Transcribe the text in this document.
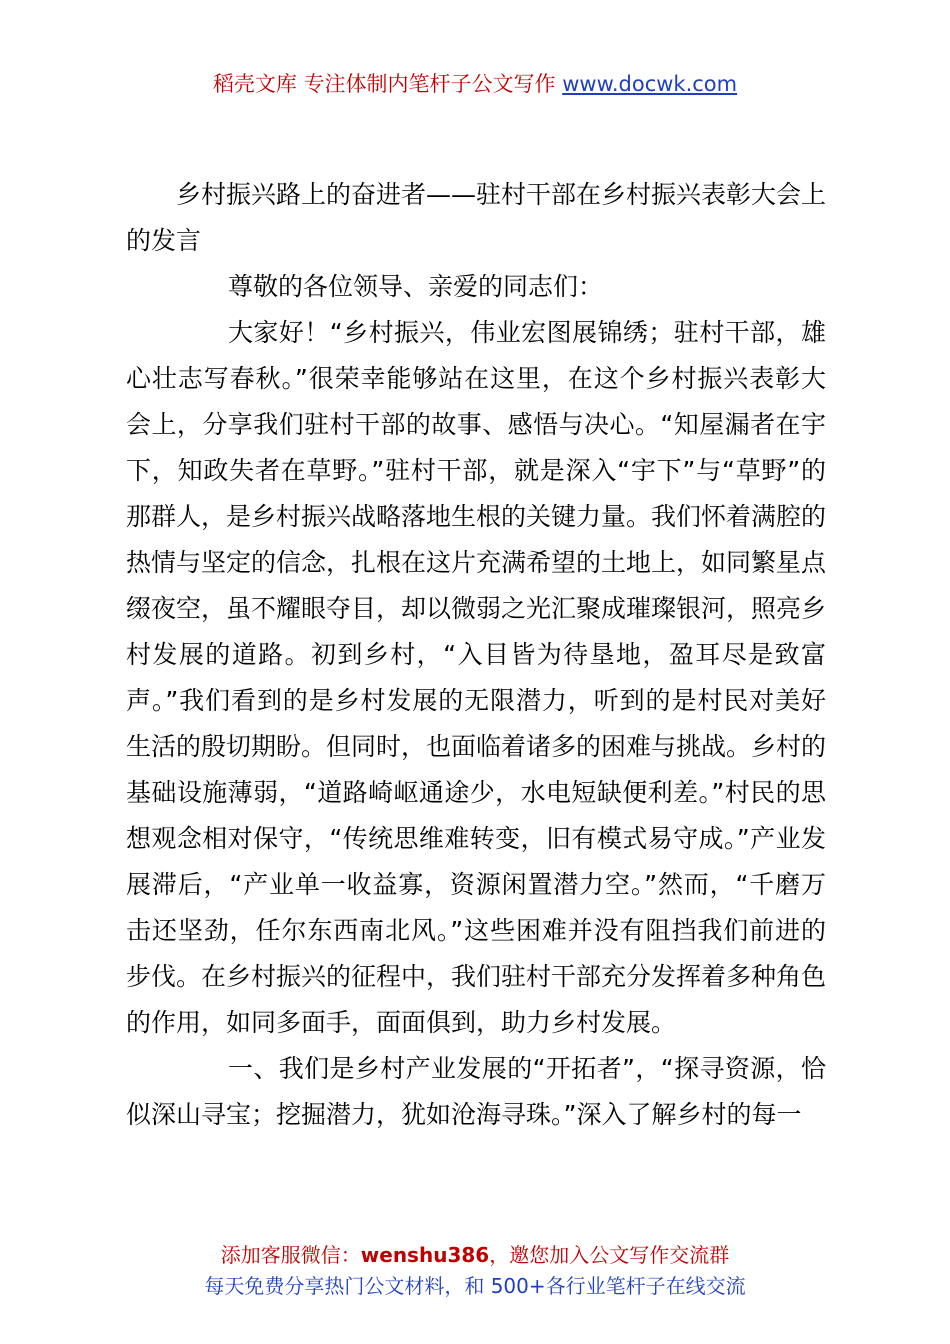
稻壳文库 专注体制内笔杆子公文写作 www.docwk.com

乡村振兴路上的奋进者——驻村干部在乡村振兴表彰大会上的发言

尊敬的各位领导、亲爱的同志们：

大家好！“乡村振兴，伟业宏图展锦绣；驻村干部，雄心壮志写春秋。”很荣幸能够站在这里，在这个乡村振兴表彰大会上，分享我们驻村干部的故事、感悟与决心。“知屋漏者在宇下，知政失者在草野。”驻村干部，就是深入“宇下”与“草野”的那群人，是乡村振兴战略落地生根的关键力量。我们怀着满腔的热情与坚定的信念，扎根在这片充满希望的土地上，如同繁星点缀夜空，虽不耀眼夺目，却以微弱之光汇聚成璀璨银河，照亮乡村发展的道路。初到乡村，“入目皆为待垦地，盈耳尽是致富声。”我们看到的是乡村发展的无限潜力，听到的是村民对美好生活的殷切期盼。但同时，也面临着诸多的困难与挑战。乡村的基础设施薄弱，“道路崎岖通途少，水电短缺便利差。”村民的思想观念相对保守，“传统思维难转变，旧有模式易守成。”产业发展滞后，“产业单一收益寡，资源闲置潜力空。”然而，“千磨万击还坚劲，任尔东西南北风。”这些困难并没有阻挡我们前进的步伐。在乡村振兴的征程中，我们驻村干部充分发挥着多种角色的作用，如同多面手，面面俱到，助力乡村发展。

一、我们是乡村产业发展的“开拓者”，“探寻资源，恰似深山寻宝；挖掘潜力，犹如沧海寻珠。”深入了解乡村的每一

添加客服微信：wenshu386，邀您加入公文写作交流群
每天免费分享热门公文材料，和 500+各行业笔杆子在线交流
